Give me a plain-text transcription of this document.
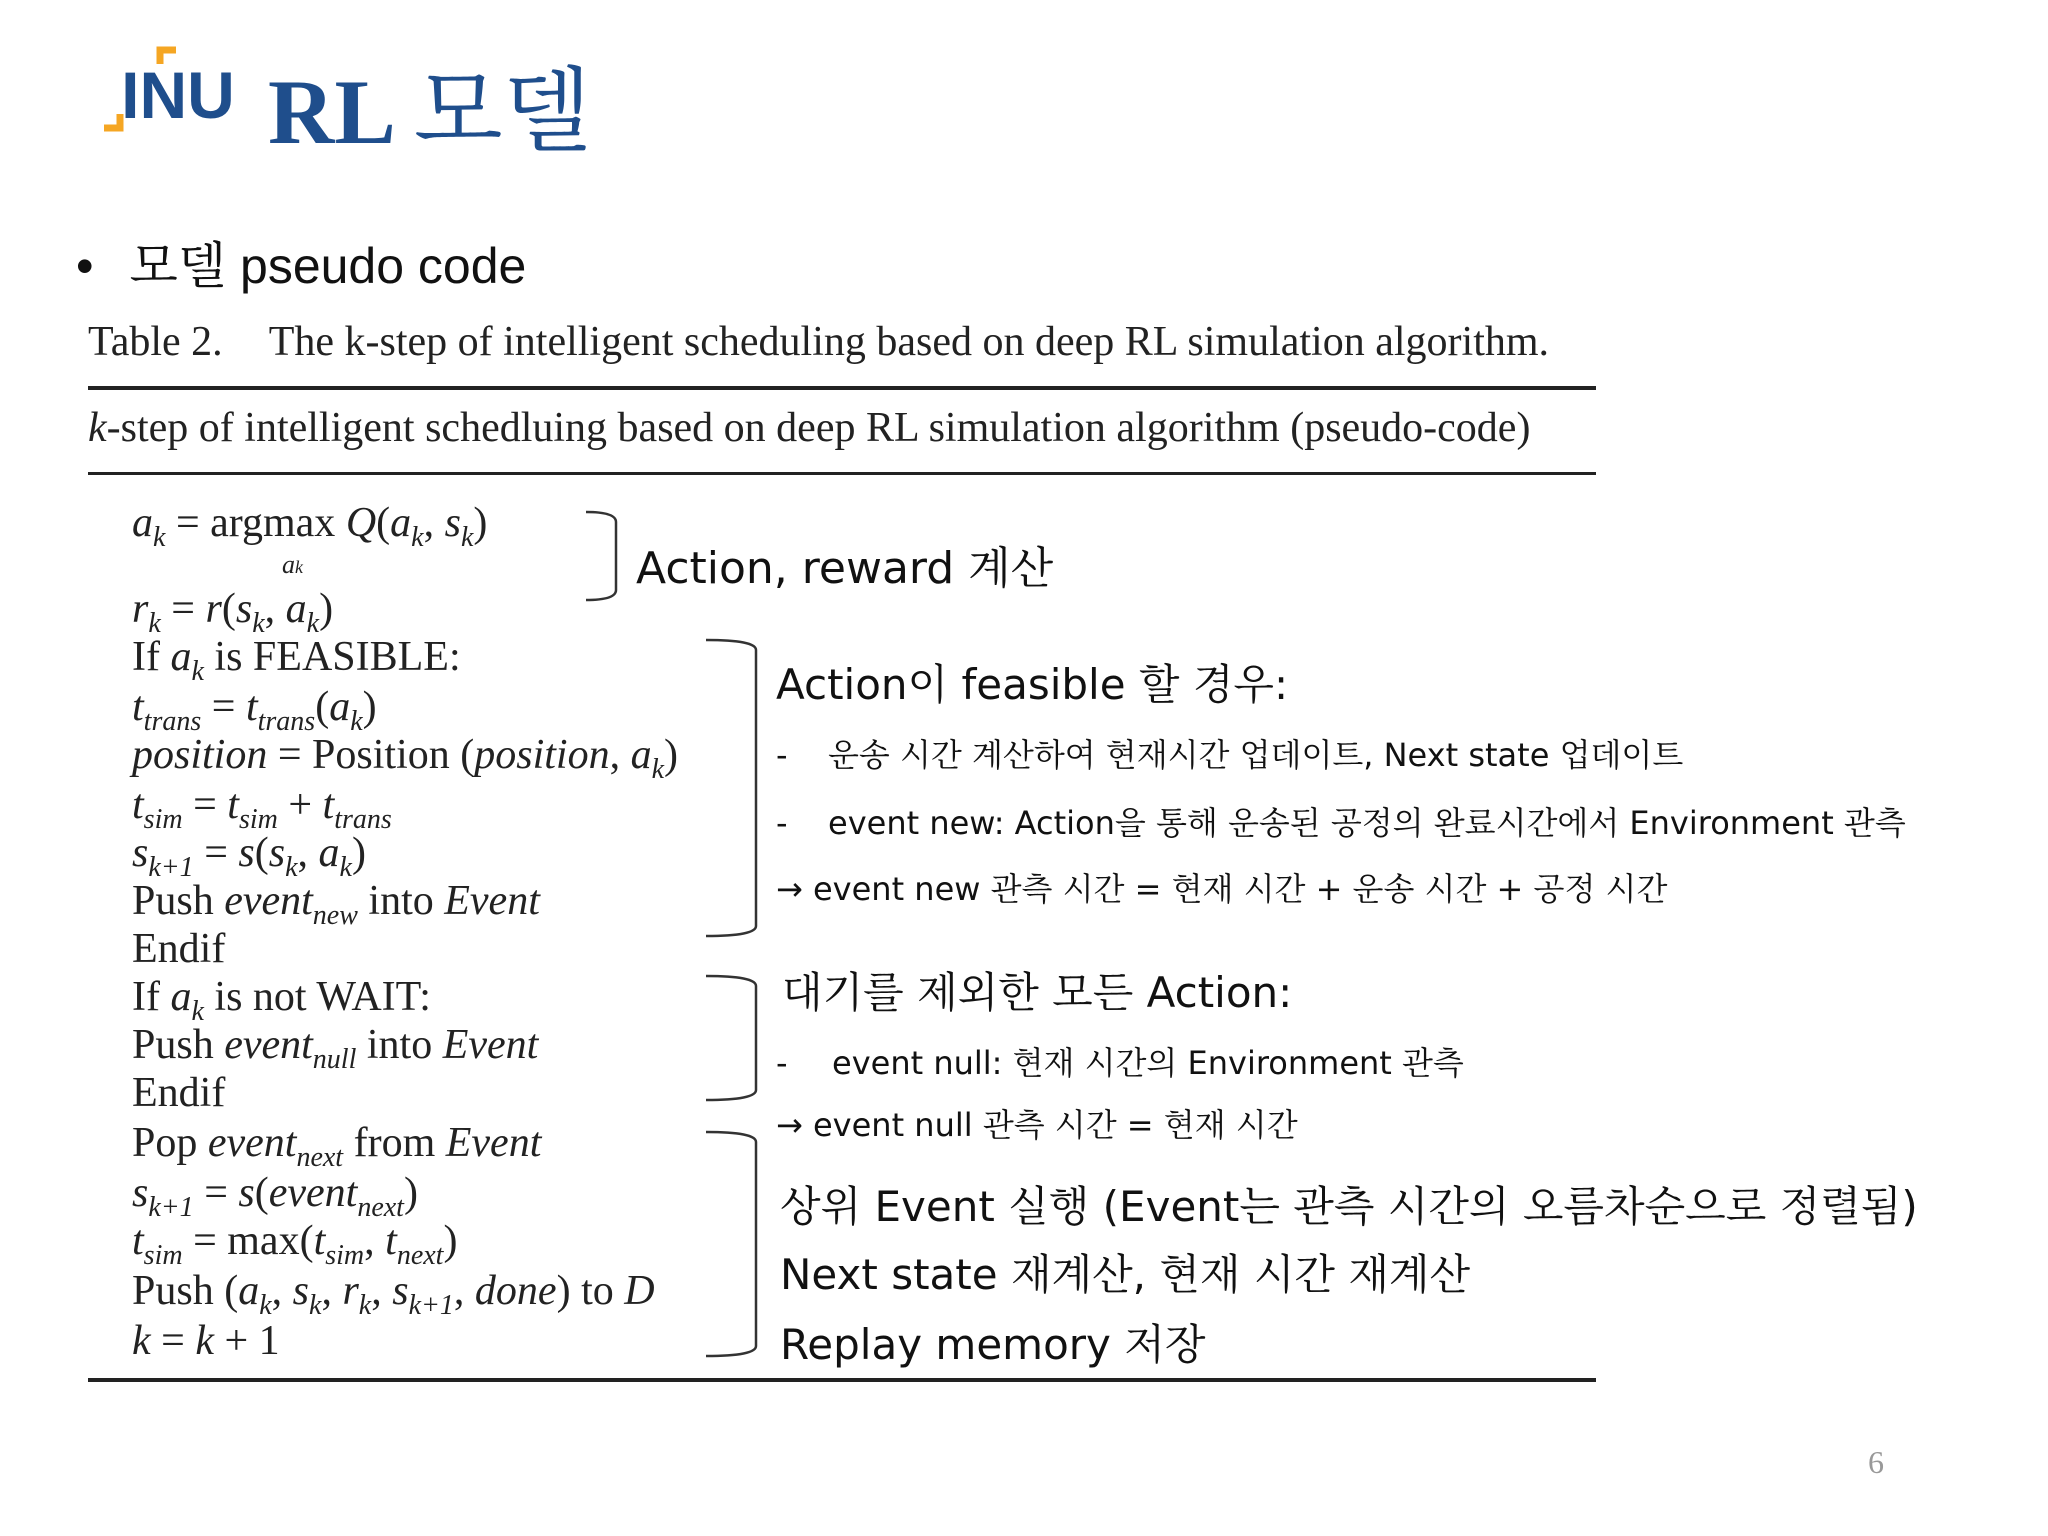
INU RL 모델
• 모델 pseudo code
Table 2. The k-step of intelligent scheduling based on deep RL simulation algorithm.
k-step of intelligent schedluing based on deep RL simulation algorithm (pseudo-code)
$a_k = argmax$ $Q(a_k$, $s_k$)
ak
$r_k = r(s_k$, $a_k$)
If $a_k$ is FEASIBLE:
$t_{trans} = t_{trans}(a_k)$
position = Position (position, $a_k$)
$t_{sim} = t_{sim} + t_{trans}$
$s_{k+1} = s(s_k$, $a_k$)
Push event$_{new}$ into Event
Endif
If $a_k$ is not WAIT:
Push event$_{null}$ into Event
Endif
Pop event$_{next}$ from Event
$s_{k+1}$ = s(event$_{next}$)
$t_{sim} = \max(t_{sim}$, $t_{next}$)
Push ($a_k$, $s_k$, $r_k$, $s_{k+1}$, done) to D
k = k + 1
Action, reward 계산
Action이 feasible 할 경우:
- 운송 시간 계산하여 현재시간 업데이트, Next state 업데이트
- event new: Action을 통해 운송된 공정의 완료시간에서 Environment 관측
→ event new 관측 시간 = 현재 시간 + 운송 시간 + 공정 시간
대기를 제외한 모든 Action:
- event null: 현재 시간의 Environment 관측
→ event null 관측 시간 = 현재 시간
상위 Event 실행 (Event는 관측 시간의 오름차순으로 정렬됨)
Next state 재계산, 현재 시간 재계산
Replay memory 저장
6
